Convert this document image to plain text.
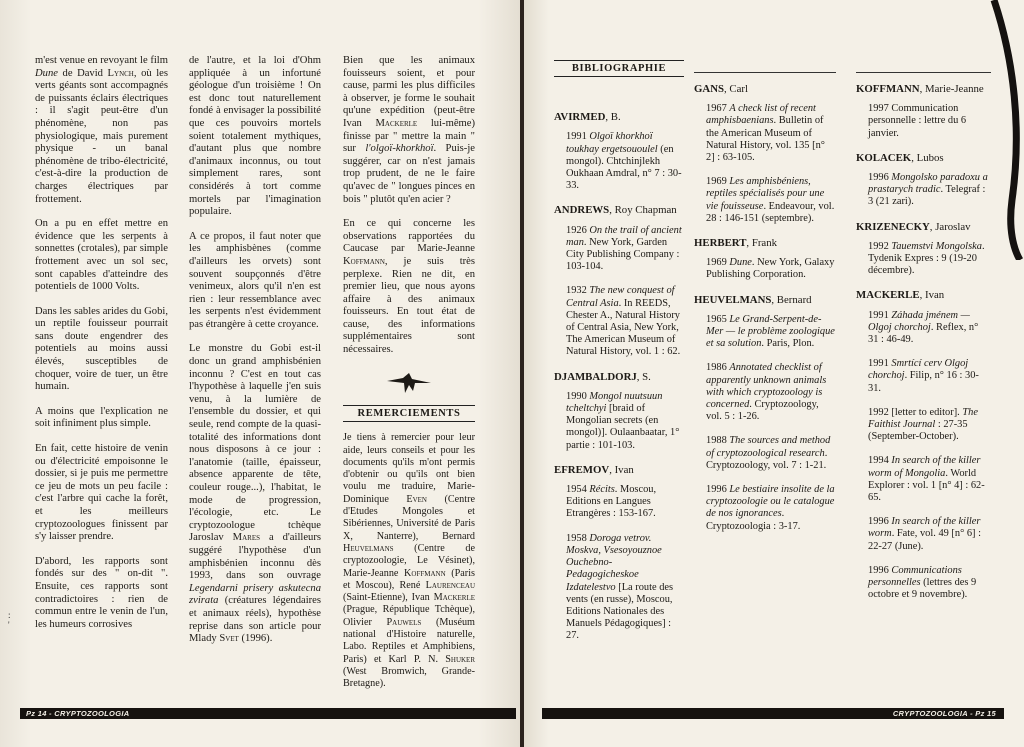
m'est venue en revoyant le film Dune de David Lynch, où les verts géants sont accompagnés de puissants éclairs électriques : il s'agit peut-être d'un phénomène, non pas physiologique, mais purement physique - un banal phénomène de tribo-électricité, c'est-à-dire la production de charges électriques par frottement.

On a pu en effet mettre en évidence que les serpents à sonnettes (crotales), par simple frottement avec un sol sec, sont capables d'atteindre des potentiels de 1000 Volts.

Dans les sables arides du Gobi, un reptile fouisseur pourrait sans doute engendrer des potentiels au moins aussi élevés, susceptibles de choquer, voire de tuer, un être humain.

A moins que l'explication ne soit infiniment plus simple.

En fait, cette histoire de venin ou d'électricité empoisonne le dossier, si je puis me permettre ce jeu de mots un peu facile : c'est l'arbre qui cache la forêt, et les meilleurs cryptozoologues finissent par s'y laisser prendre.

D'abord, les rapports sont fondés sur des " on-dit ". Ensuite, ces rapports sont contradictoires : rien de commun entre le venin de l'un, les humeurs corrosives

de l'autre, et la loi d'Ohm appliquée à un infortuné géologue d'un troisième ! On est donc tout naturellement fondé à envisager la possibilité que ces pouvoirs mortels soient totalement mythiques, d'autant plus que nombre d'animaux inconnus, ou tout simplement rares, sont considérés à tort comme mortels par l'imagination populaire.

A ce propos, il faut noter que les amphisbènes (comme d'ailleurs les orvets) sont souvent soupçonnés d'être venimeux, alors qu'il n'en est rien : leur ressemblance avec les serpents n'est évidemment pas étrangère à cette croyance.

Le monstre du Gobi est-il donc un grand amphisbénien inconnu ? C'est en tout cas l'hypothèse à laquelle j'en suis venu, à la lumière de l'ensemble du dossier, et qui seule, rend compte de la quasi-totalité des informations dont nous disposons à ce jour : l'anatomie (taille, épaisseur, absence apparente de tête, couleur rouge...), l'habitat, le mode de progression, l'écologie, etc. Le cryptozoologue tchèque Jaroslav Mares a d'ailleurs suggéré l'hypothèse d'un amphisbénien inconnu dès 1993, dans son ouvrage Legendarni prisery askutecna zvirata (créatures légendaires et animaux réels), hypothèse reprise dans son article pour Mlady Svet (1996).

Bien que les animaux fouisseurs soient, et pour cause, parmi les plus difficiles à observer, je forme le souhait qu'une expédition (peut-être Ivan Mackerle lui-même) finisse par " mettre la main " sur l'olgoï-khorkhoï. Puis-je suggérer, car on n'est jamais trop prudent, de ne le faire qu'avec de " longues pinces en bois " plutôt qu'en acier ?

En ce qui concerne les observations rapportées du Caucase par Marie-Jeanne Koffmann, je suis très perplexe. Rien ne dit, en premier lieu, que nous ayons affaire à des animaux fouisseurs. En tout état de cause, des informations supplémentaires sont nécessaires.

REMERCIEMENTS
Je tiens à remercier pour leur aide, leurs conseils et pour les documents qu'ils m'ont permis d'obtenir ou qu'ils ont bien voulu me traduire, Marie-Dominique Even (Centre d'Etudes Mongoles et Sibériennes, Université de Paris X, Nanterre), Bernard Heuvelmans (Centre de cryptozoologie, Le Vésinet), Marie-Jeanne Koffmann (Paris et Moscou), René Laurenceau (Saint-Etienne), Ivan Mackerle (Prague, République Tchèque), Olivier Pauwels (Muséum national d'Histoire naturelle, Labo. Reptiles et Amphibiens, Paris) et Karl P. N. Shuker (West Bromwich, Grande-Bretagne).
:
'
Pz 14 - CRYPTOZOOLOGIA
BIBLIOGRAPHIE
AVIRMED, B.
1991 Olgoï khorkhoï toukhay ergetsououlel (en mongol). Chtchinjlekh Oukhaan Amdral, n° 7 : 30-33.
ANDREWS, Roy Chapman
1926 On the trail of ancient man. New York, Garden City Publishing Company : 103-104.
1932 The new conquest of Central Asia. In REEDS, Chester A., Natural History of Central Asia, New York, The American Museum of Natural History, vol. 1 : 62.
DJAMBALDORJ, S.
1990 Mongol nuutsuun tcheltchyi [braid of Mongolian secrets (en mongol)]. Oulaanbaatar, 1° partie : 101-103.
EFREMOV, Ivan
1954 Récits. Moscou, Editions en Langues Etrangères : 153-167.
1958 Doroga vetrov. Moskva, Vsesoyouznoe Ouchebno-Pedagogicheskoe Izdatelestvo [La route des vents (en russe), Moscou, Editions Nationales des Manuels Pédagogiques] : 27.
GANS, Carl
1967 A check list of recent amphisbaenians. Bulletin of the American Museum of Natural History, vol. 135 [n° 2] : 63-105.
1969 Les amphisbéniens, reptiles spécialisés pour une vie fouisseuse. Endeavour, vol. 28 : 146-151 (septembre).
HERBERT, Frank
1969 Dune. New York, Galaxy Publishing Corporation.
HEUVELMANS, Bernard
1965 Le Grand-Serpent-de-Mer — le problème zoologique et sa solution. Paris, Plon.
1986 Annotated checklist of apparently unknown animals with which cryptozoology is concerned. Cryptozoology, vol. 5 : 1-26.
1988 The sources and method of cryptozoological research. Cryptozoology, vol. 7 : 1-21.
1996 Le bestiaire insolite de la cryptozoologie ou le catalogue de nos ignorances. Cryptozoologia : 3-17.
KOFFMANN, Marie-Jeanne
1997 Communication personnelle : lettre du 6 janvier.
KOLACEK, Lubos
1996 Mongolsko paradoxu a prastarych tradic. Telegraf : 3 (21 zari).
KRIZENECKY, Jaroslav
1992 Tauemstvi Mongolska. Tydenik Expres : 9 (19-20 décembre).
MACKERLE, Ivan
1991 Záhada jménem — Olgoj chorchoj. Reflex, n° 31 : 46-49.
1991 Smrtící cerv Olgoj chorchoj. Filip, n° 16 : 30-31.
1992 [letter to editor]. The Faithist Journal : 27-35 (September-October).
1994 In search of the killer worm of Mongolia. World Explorer : vol. 1 [n° 4] : 62-65.
1996 In search of the killer worm. Fate, vol. 49 [n° 6] : 22-27 (June).
1996 Communications personnelles (lettres des 9 octobre et 9 novembre).
CRYPTOZOOLOGIA - Pz 15
